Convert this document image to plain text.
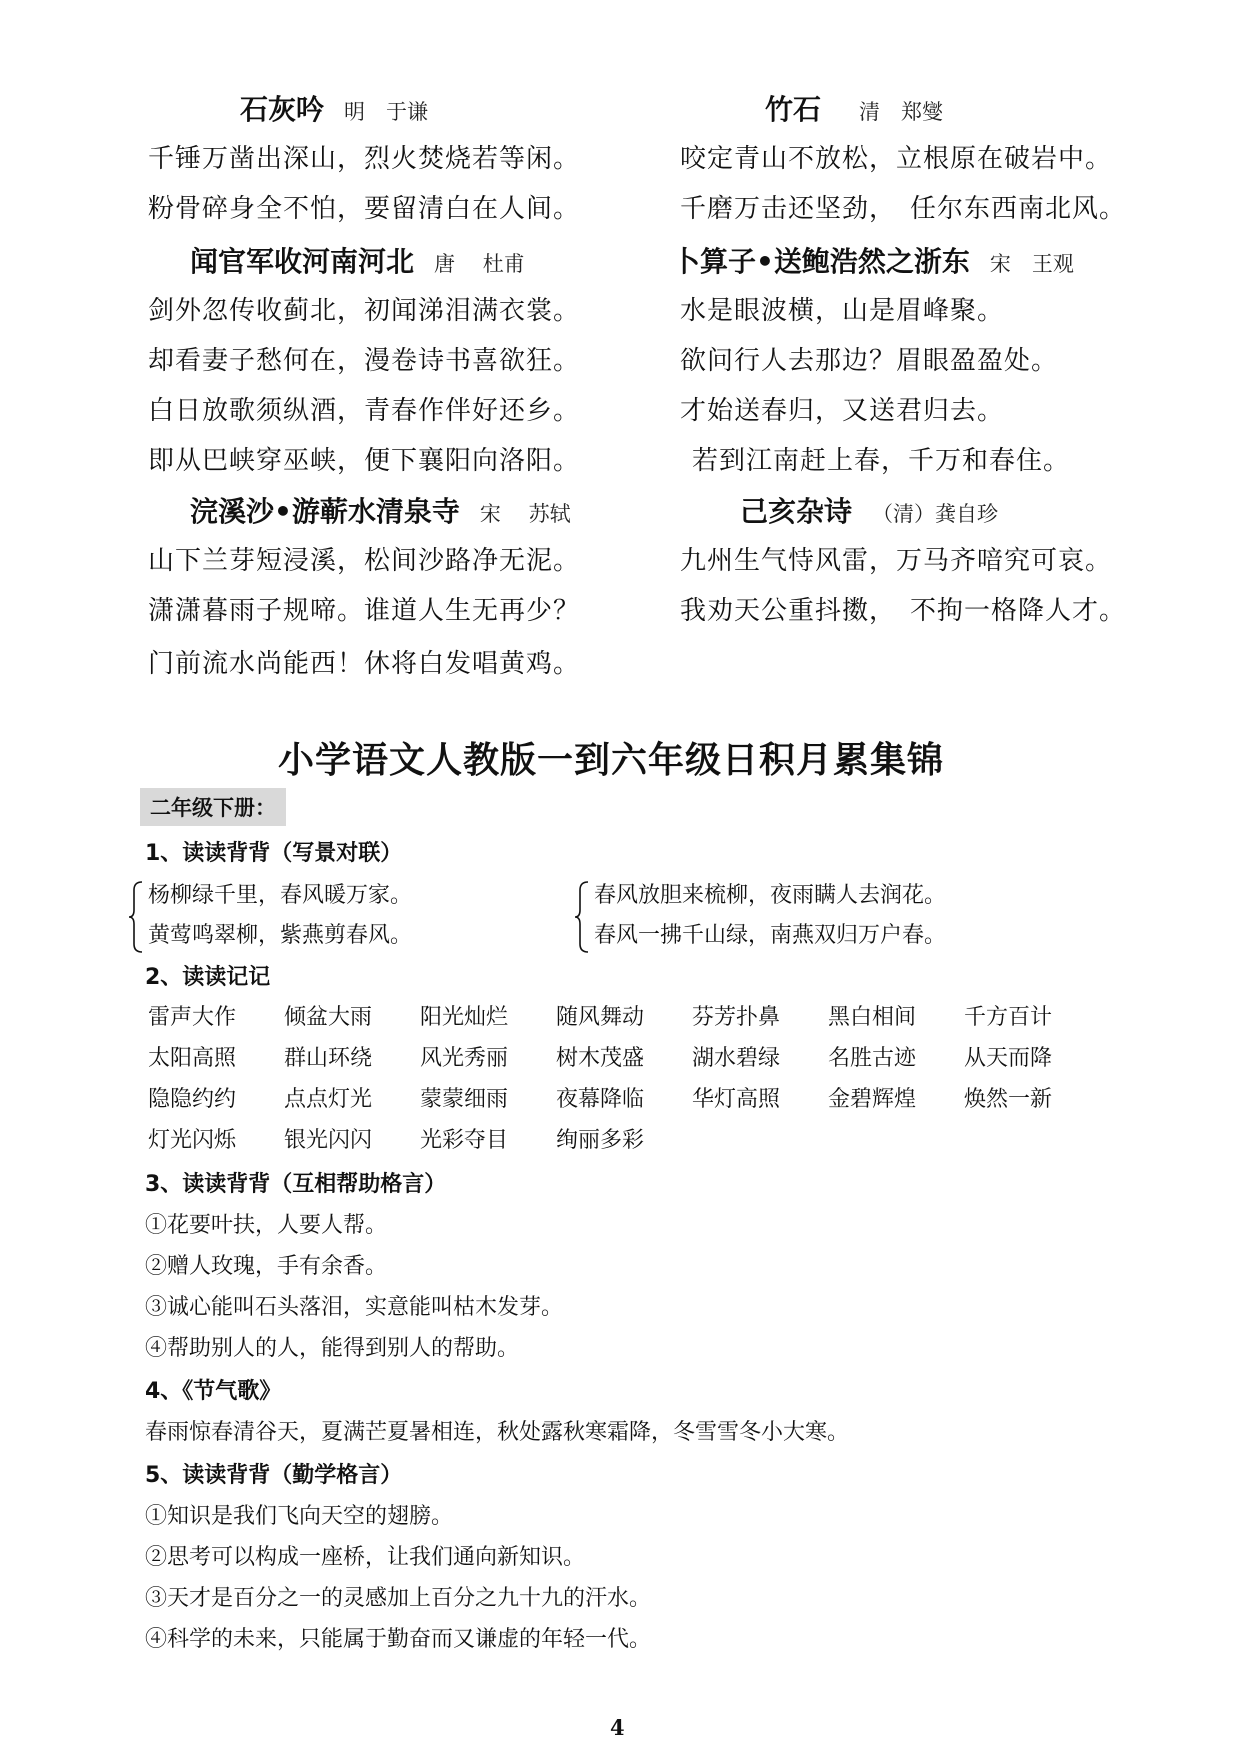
石灰吟 明　于谦
千锤万凿出深山，烈火焚烧若等闲。
粉骨碎身全不怕，要留清白在人间。
竹石 清　郑燮
咬定青山不放松，立根原在破岩中。
千磨万击还坚劲，　任尔东西南北风。
闻官军收河南河北 唐　 杜甫
剑外忽传收蓟北，初闻涕泪满衣裳。
却看妻子愁何在，漫卷诗书喜欲狂。
白日放歌须纵酒，青春作伴好还乡。
即从巴峡穿巫峡，便下襄阳向洛阳。
卜算子•送鲍浩然之浙东 宋　王观
水是眼波横，山是眉峰聚。
欲问行人去那边？眉眼盈盈处。
才始送春归，又送君归去。
若到江南赶上春，千万和春住。
浣溪沙•游蕲水清泉寺 宋　 苏轼
山下兰芽短浸溪，松间沙路净无泥。
潇潇暮雨子规啼。谁道人生无再少？
门前流水尚能西！休将白发唱黄鸡。
己亥杂诗 （清）龚自珍
九州生气恃风雷，万马齐喑究可哀。
我劝天公重抖擞，　不拘一格降人才。
小学语文人教版一到六年级日积月累集锦
二年级下册：
1、读读背背（写景对联）
杨柳绿千里，春风暖万家。
黄莺鸣翠柳，紫燕剪春风。
春风放胆来梳柳，夜雨瞒人去润花。
春风一拂千山绿，南燕双归万户春。
2、读读记记
雷声大作 倾盆大雨 阳光灿烂 随风舞动 芬芳扑鼻 黑白相间 千方百计
太阳高照 群山环绕 风光秀丽 树木茂盛 湖水碧绿 名胜古迹 从天而降
隐隐约约 点点灯光 蒙蒙细雨 夜幕降临 华灯高照 金碧辉煌 焕然一新
灯光闪烁 银光闪闪 光彩夺目 绚丽多彩
3、读读背背（互相帮助格言）
①花要叶扶，人要人帮。
②赠人玫瑰，手有余香。
③诚心能叫石头落泪，实意能叫枯木发芽。
④帮助别人的人，能得到别人的帮助。
4、《节气歌》
春雨惊春清谷天，夏满芒夏暑相连，秋处露秋寒霜降，冬雪雪冬小大寒。
5、读读背背（勤学格言）
①知识是我们飞向天空的翅膀。
②思考可以构成一座桥，让我们通向新知识。
③天才是百分之一的灵感加上百分之九十九的汗水。
④科学的未来，只能属于勤奋而又谦虚的年轻一代。
4
